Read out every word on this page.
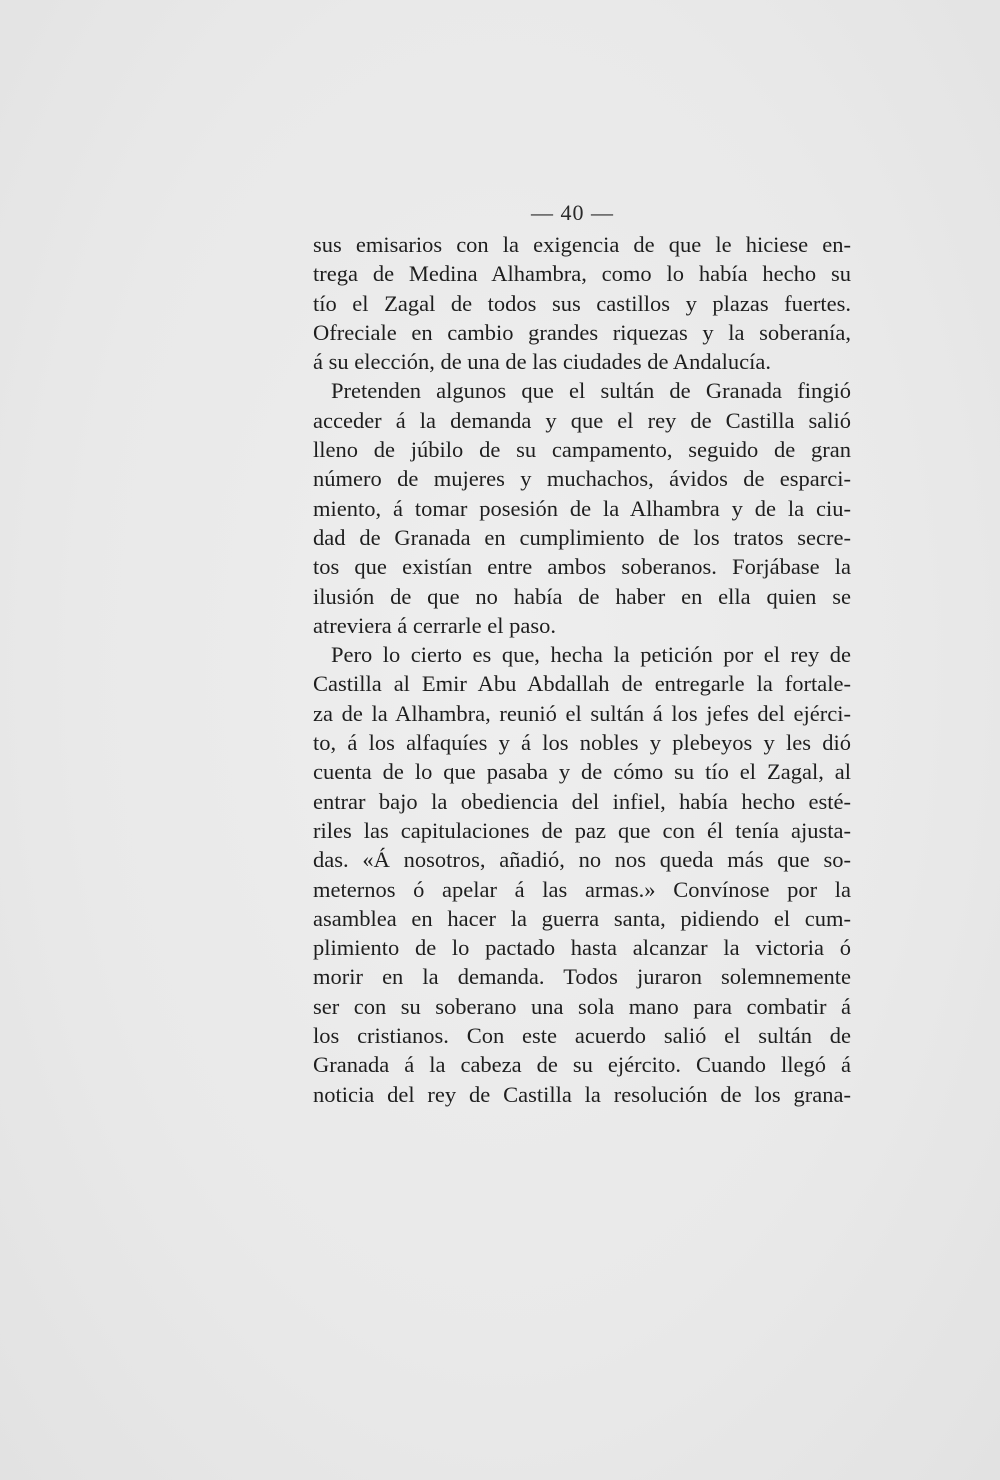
— 40 —
sus emisarios con la exigencia de que le hiciese en-
trega de Medina Alhambra, como lo había hecho su
tío el Zagal de todos sus castillos y plazas fuertes.
Ofreciale en cambio grandes riquezas y la soberanía,
á su elección, de una de las ciudades de Andalucía.
Pretenden algunos que el sultán de Granada fingió
acceder á la demanda y que el rey de Castilla salió
lleno de júbilo de su campamento, seguido de gran
número de mujeres y muchachos, ávidos de esparci-
miento, á tomar posesión de la Alhambra y de la ciu-
dad de Granada en cumplimiento de los tratos secre-
tos que existían entre ambos soberanos. Forjábase la
ilusión de que no había de haber en ella quien se
atreviera á cerrarle el paso.
Pero lo cierto es que, hecha la petición por el rey de
Castilla al Emir Abu Abdallah de entregarle la fortale-
za de la Alhambra, reunió el sultán á los jefes del ejérci-
to, á los alfaquíes y á los nobles y plebeyos y les dió
cuenta de lo que pasaba y de cómo su tío el Zagal, al
entrar bajo la obediencia del infiel, había hecho esté-
riles las capitulaciones de paz que con él tenía ajusta-
das. «Á nosotros, añadió, no nos queda más que so-
meternos ó apelar á las armas.» Convínose por la
asamblea en hacer la guerra santa, pidiendo el cum-
plimiento de lo pactado hasta alcanzar la victoria ó
morir en la demanda. Todos juraron solemnemente
ser con su soberano una sola mano para combatir á
los cristianos. Con este acuerdo salió el sultán de
Granada á la cabeza de su ejército. Cuando llegó á
noticia del rey de Castilla la resolución de los grana-
